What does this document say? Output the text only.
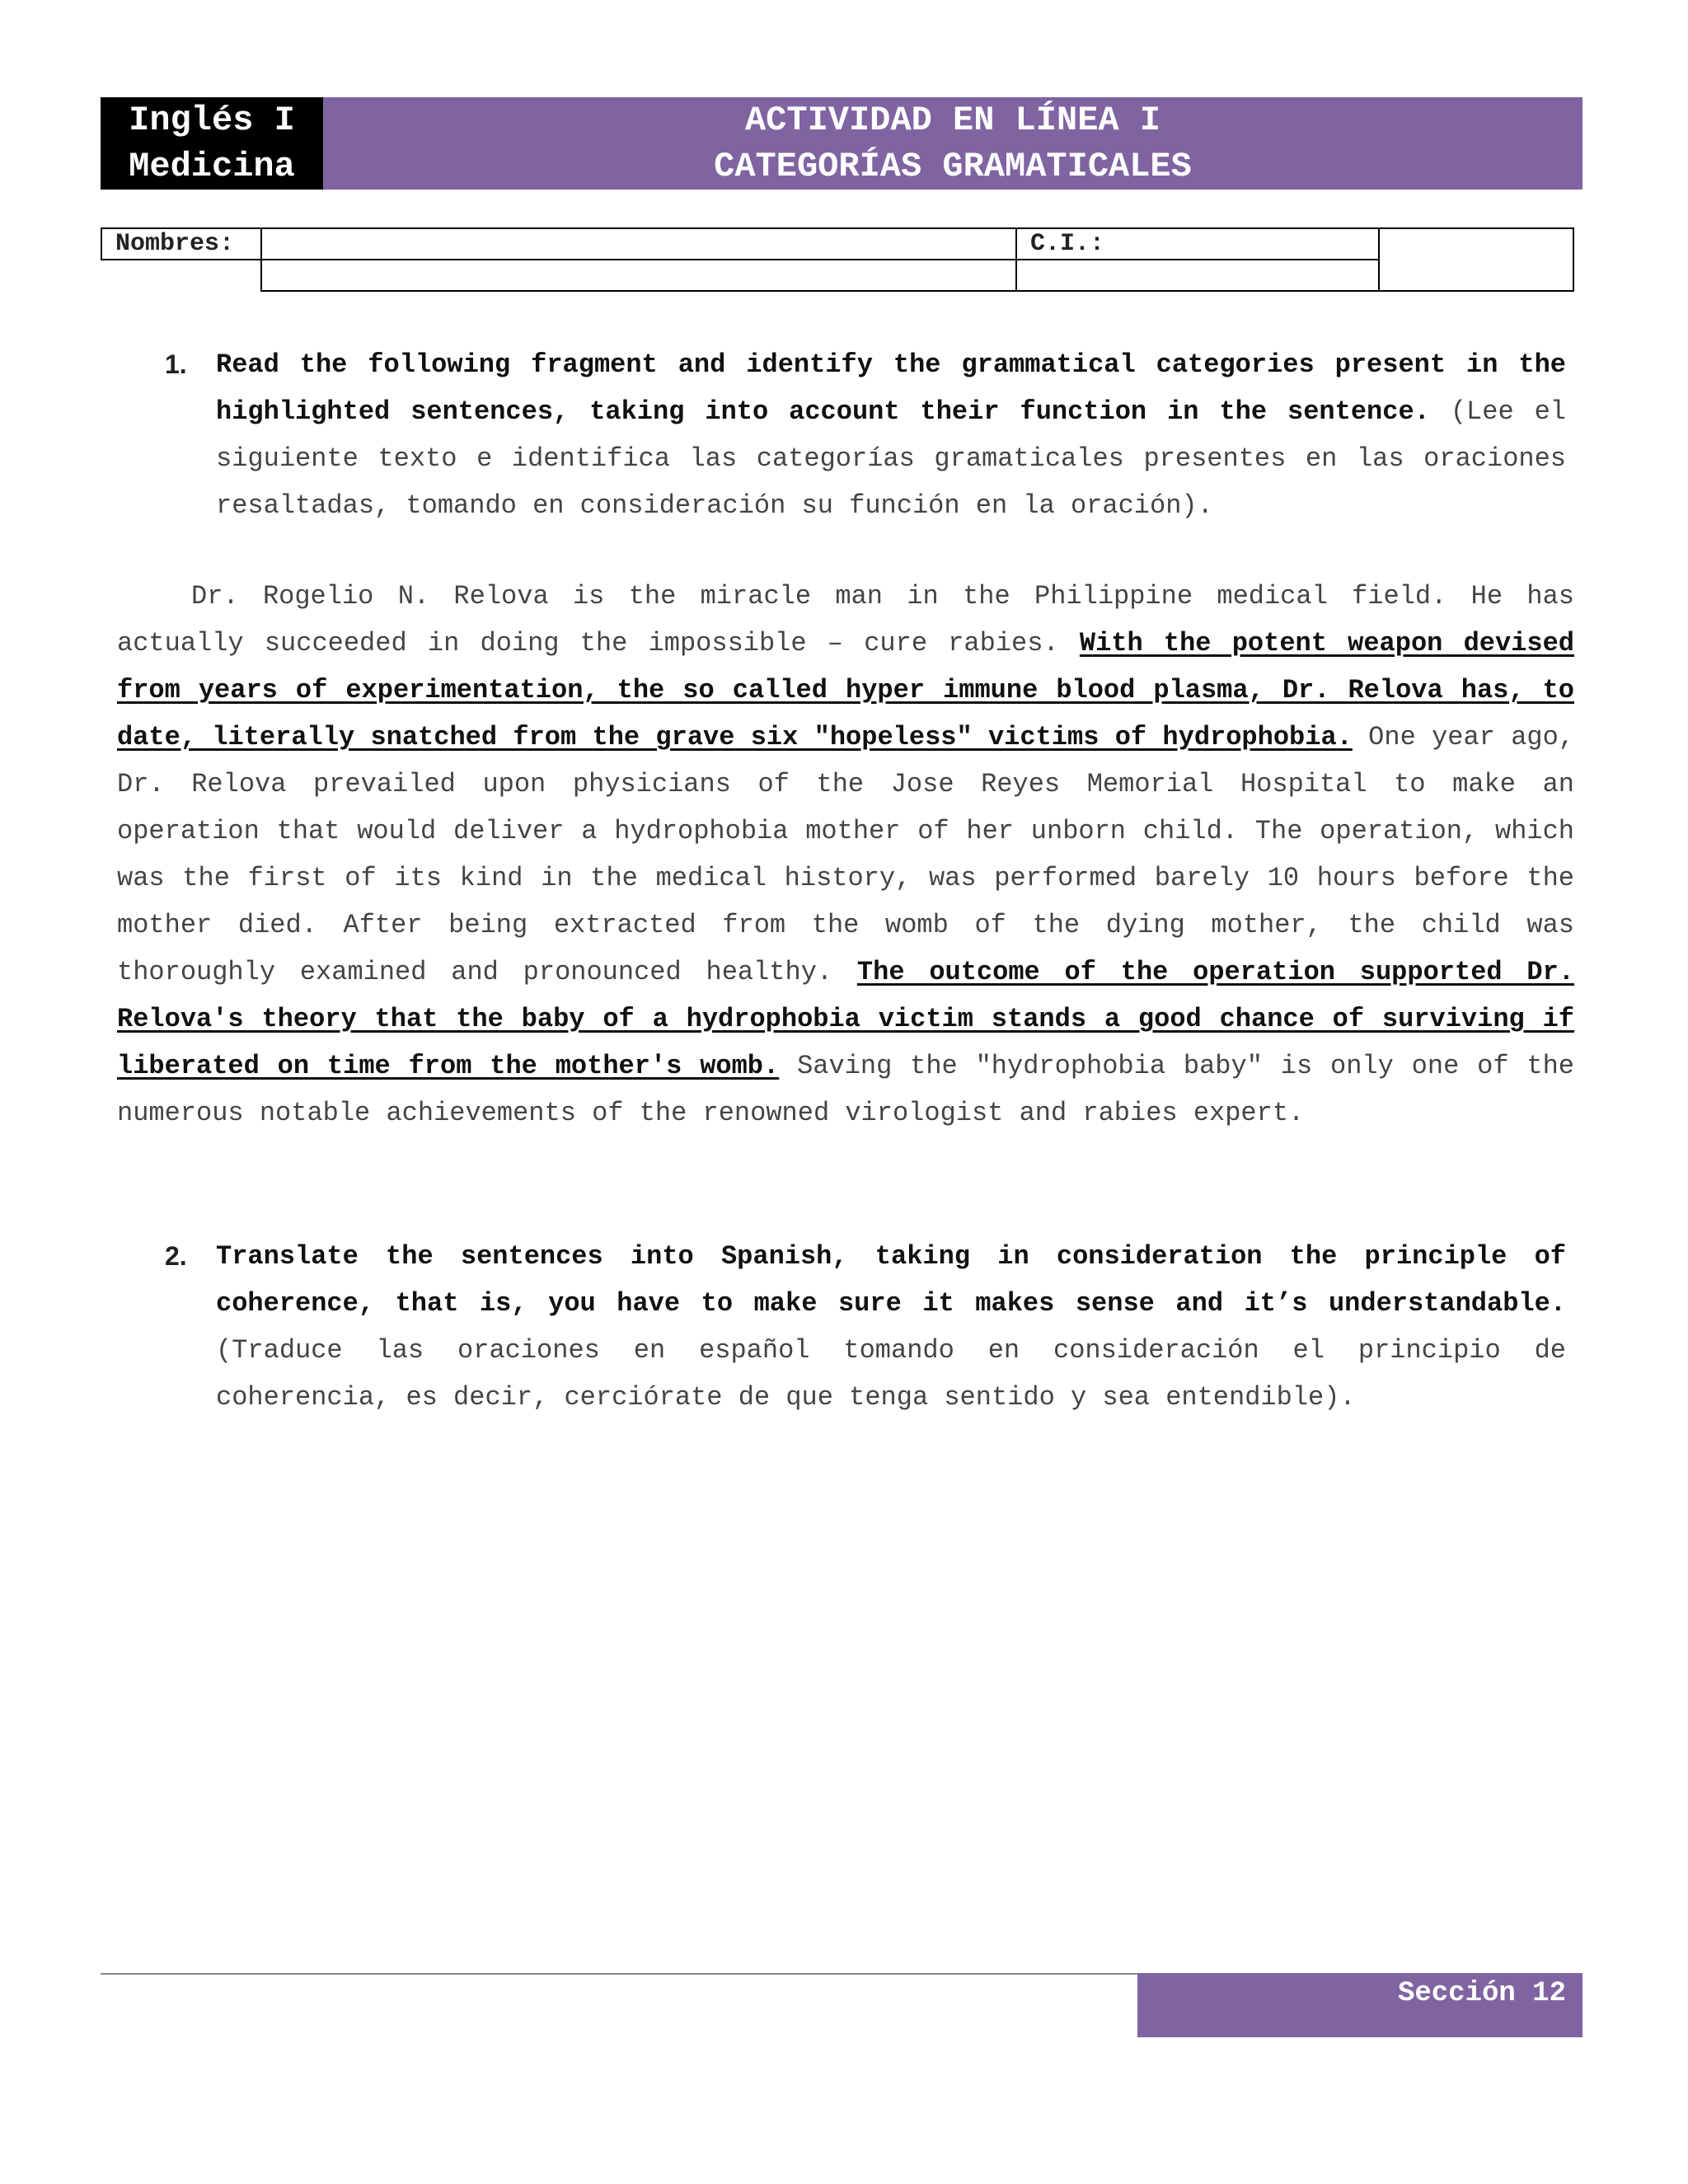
Inglés I
Medicina
ACTIVIDAD EN LÍNEA I
CATEGORÍAS GRAMATICALES
Nombres:		C.I.:	

1. Read the following fragment and identify the grammatical categories present in the highlighted sentences, taking into account their function in the sentence. (Lee el siguiente texto e identifica las categorías gramaticales presentes en las oraciones resaltadas, tomando en consideración su función en la oración).
Dr. Rogelio N. Relova is the miracle man in the Philippine medical field. He has actually succeeded in doing the impossible – cure rabies. With the potent weapon devised from years of experimentation, the so called hyper immune blood plasma, Dr. Relova has, to date, literally snatched from the grave six "hopeless" victims of hydrophobia. One year ago, Dr. Relova prevailed upon physicians of the Jose Reyes Memorial Hospital to make an operation that would deliver a hydrophobia mother of her unborn child. The operation, which was the first of its kind in the medical history, was performed barely 10 hours before the mother died. After being extracted from the womb of the dying mother, the child was thoroughly examined and pronounced healthy. The outcome of the operation supported Dr. Relova's theory that the baby of a hydrophobia victim stands a good chance of surviving if liberated on time from the mother's womb. Saving the "hydrophobia baby" is only one of the numerous notable achievements of the renowned virologist and rabies expert.
2. Translate the sentences into Spanish, taking in consideration the principle of coherence, that is, you have to make sure it makes sense and it’s understandable. (Traduce las oraciones en español tomando en consideración el principio de coherencia, es decir, cerciórate de que tenga sentido y sea entendible).
Sección 12
